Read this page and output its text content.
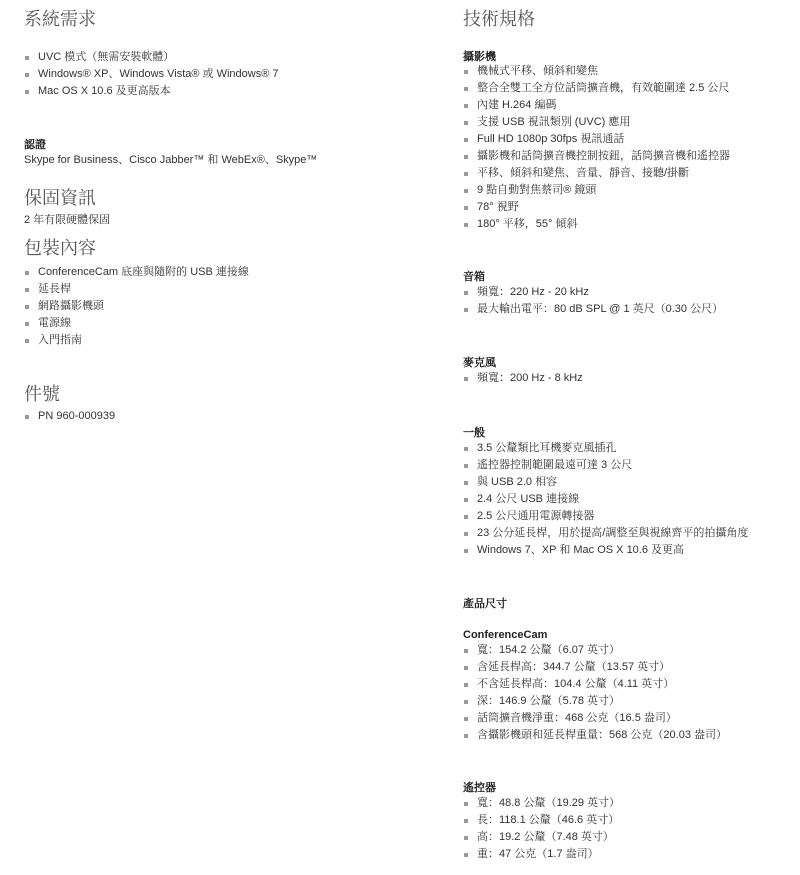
系統需求
UVC 模式（無需安裝軟體）
Windows® XP、Windows Vista® 或 Windows® 7
Mac OS X 10.6 及更高版本
認證
Skype for Business、Cisco Jabber™ 和 WebEx®、Skype™
保固資訊
2 年有限硬體保固
包裝內容
ConferenceCam 底座與隨附的 USB 連接線
延長桿
網路攝影機頭
電源線
入門指南
件號
PN 960-000939
技術規格
攝影機
機械式平移、傾斜和變焦
整合全雙工全方位話筒擴音機，有效範圍達 2.5 公尺
內建 H.264 編碼
支援 USB 視訊類別 (UVC) 應用
Full HD 1080p 30fps 視訊通話
攝影機和話筒擴音機控制按鈕，話筒擴音機和遙控器
平移、傾斜和變焦、音量、靜音、接聽/掛斷
9 點自動對焦蔡司® 鏡頭
78° 視野
180° 平移，55° 傾斜
音箱
頻寬：220 Hz - 20 kHz
最大輸出電平：80 dB SPL @ 1 英尺（0.30 公尺）
麥克風
頻寬：200 Hz - 8 kHz
一般
3.5 公釐類比耳機麥克風插孔
遙控器控制範圍最遠可達 3 公尺
與 USB 2.0 相容
2.4 公尺 USB 連接線
2.5 公尺通用電源轉接器
23 公分延長桿，用於提高/調整至與視線齊平的拍攝角度
Windows 7、XP 和 Mac OS X 10.6 及更高
產品尺寸
ConferenceCam
寬：154.2 公釐（6.07 英寸）
含延長桿高：344.7 公釐（13.57 英寸）
不含延長桿高：104.4 公釐（4.11 英寸）
深：146.9 公釐（5.78 英寸）
話筒擴音機淨重：468 公克（16.5 盎司）
含攝影機頭和延長桿重量：568 公克（20.03 盎司）
遙控器
寬：48.8 公釐（19.29 英寸）
長：118.1 公釐（46.6 英寸）
高：19.2 公釐（7.48 英寸）
重：47 公克（1.7 盎司）
